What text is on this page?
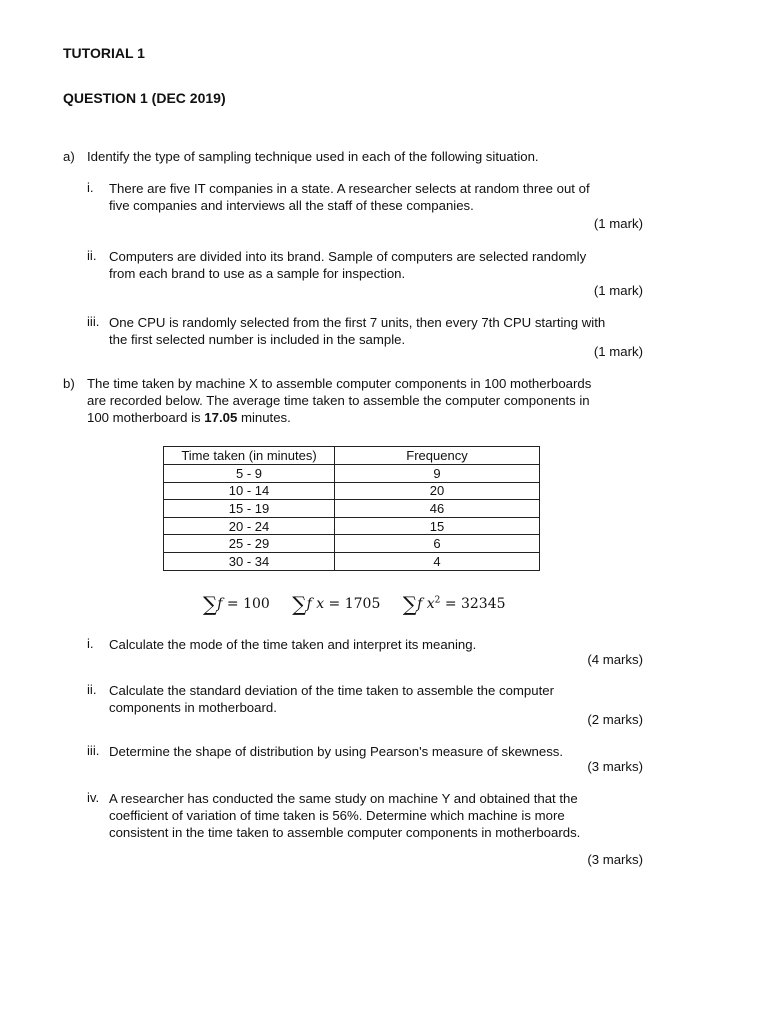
TUTORIAL 1
QUESTION 1 (DEC 2019)
a) Identify the type of sampling technique used in each of the following situation.
i. There are five IT companies in a state. A researcher selects at random three out of
five companies and interviews all the staff of these companies.
(1 mark)
ii. Computers are divided into its brand. Sample of computers are selected randomly
from each brand to use as a sample for inspection.
(1 mark)
iii. One CPU is randomly selected from the first 7 units, then every 7th CPU starting with
the first selected number is included in the sample.
(1 mark)
b) The time taken by machine X to assemble computer components in 100 motherboards
are recorded below. The average time taken to assemble the computer components in
100 motherboard is 17.05 minutes.
Time taken (in minutes)	Frequency
5 - 9	9
10 - 14	20
15 - 19	46
20 - 24	15
25 - 29	6
30 - 34	4
∑f = 100 ∑f x = 1705 ∑f $x^2 = 32345$
i. Calculate the mode of the time taken and interpret its meaning.
(4 marks)
ii. Calculate the standard deviation of the time taken to assemble the computer
components in motherboard.
(2 marks)
iii. Determine the shape of distribution by using Pearson's measure of skewness.
(3 marks)
iv. A researcher has conducted the same study on machine Y and obtained that the
coefficient of variation of time taken is 56%. Determine which machine is more
consistent in the time taken to assemble computer components in motherboards.
(3 marks)
